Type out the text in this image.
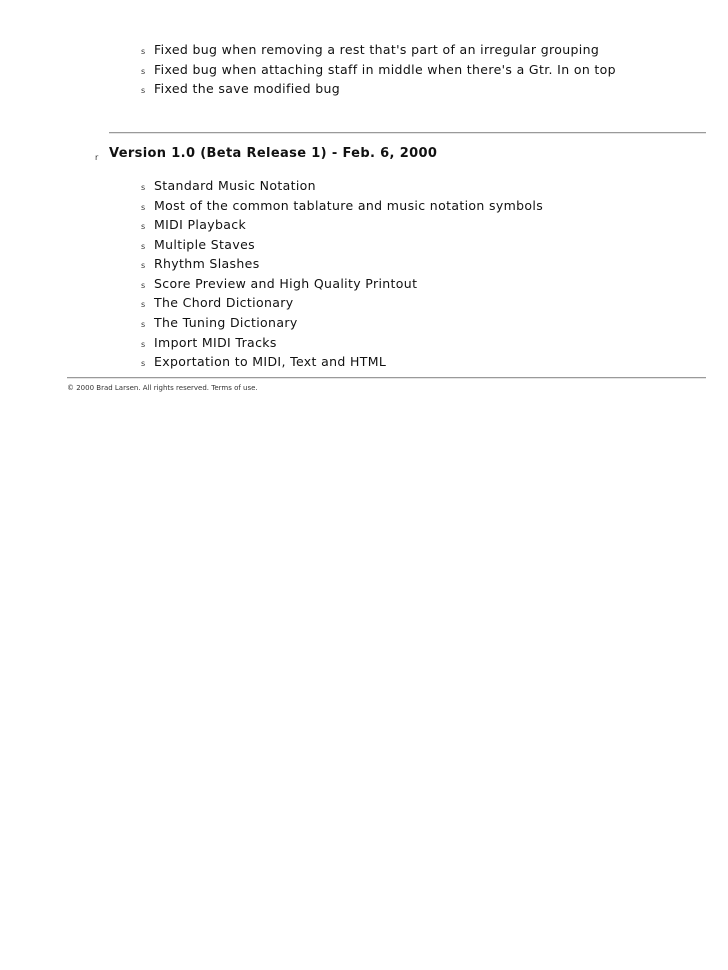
s Fixed bug when removing a rest that's part of an irregular grouping
s Fixed bug when attaching staff in middle when there's a Gtr. In on top
s Fixed the save modified bug
r Version 1.0 (Beta Release 1) - Feb. 6, 2000
s Standard Music Notation
s Most of the common tablature and music notation symbols
s MIDI Playback
s Multiple Staves
s Rhythm Slashes
s Score Preview and High Quality Printout
s The Chord Dictionary
s The Tuning Dictionary
s Import MIDI Tracks
s Exportation to MIDI, Text and HTML
© 2000 Brad Larsen. All rights reserved. Terms of use.
